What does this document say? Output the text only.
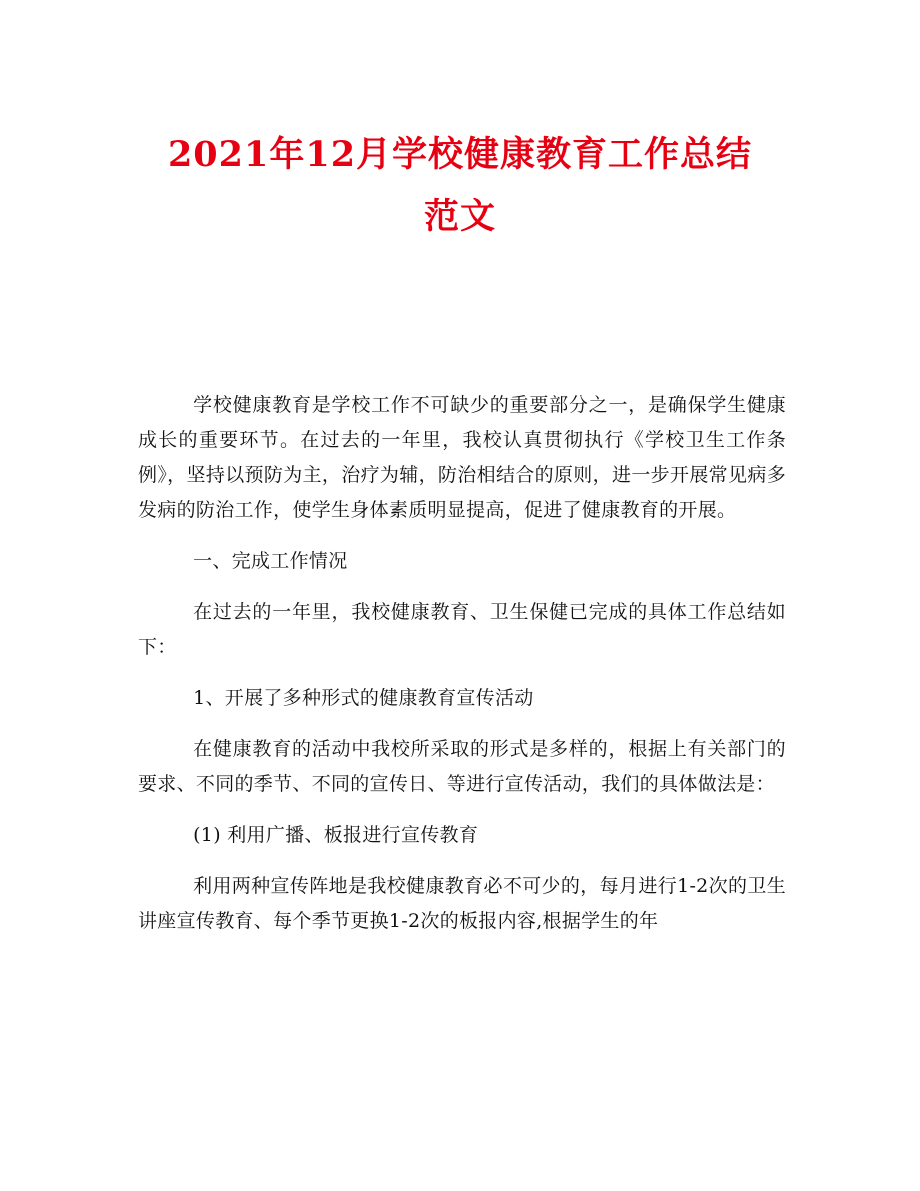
2021年12月学校健康教育工作总结
范文

学校健康教育是学校工作不可缺少的重要部分之一，是确保学生健康成长的重要环节。在过去的一年里，我校认真贯彻执行《学校卫生工作条例》，坚持以预防为主，治疗为辅，防治相结合的原则，进一步开展常见病多发病的防治工作，使学生身体素质明显提高，促进了健康教育的开展。

一、完成工作情况

在过去的一年里，我校健康教育、卫生保健已完成的具体工作总结如下：

1、开展了多种形式的健康教育宣传活动

在健康教育的活动中我校所采取的形式是多样的，根据上有关部门的要求、不同的季节、不同的宣传日、等进行宣传活动，我们的具体做法是：

(1) 利用广播、板报进行宣传教育

利用两种宣传阵地是我校健康教育必不可少的，每月进行1-2次的卫生讲座宣传教育、每个季节更换1-2次的板报内容,根据学生的年
